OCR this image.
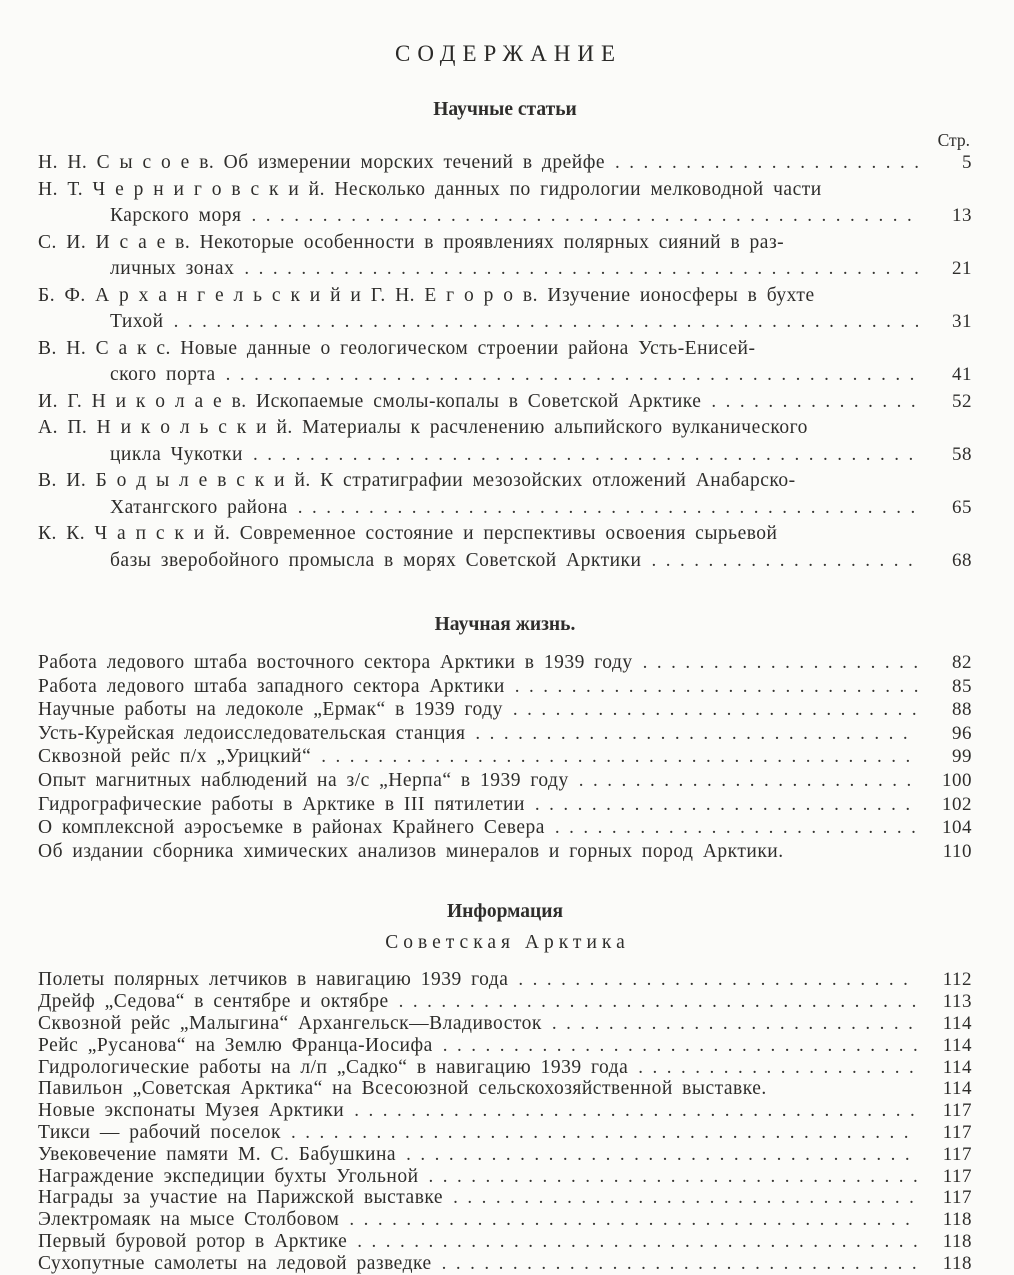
СОДЕРЖАНИЕ
Научные статьи
Стр.
Н. Н. С ы с о е в. Об измерении морских течений в дрейфе .....	5
Н. Т. Ч е р н и г о в с к и й. Несколько данных по гидрологии мелководной части
Карского моря .....	13
С. И. И с а е в. Некоторые особенности в проявлениях полярных сияний в раз-
личных зонах .....	21
Б. Ф. А р х а н г е л ь с к и й и Г. Н. Е г о р о в. Изучение ионосферы в бухте
Тихой .....	31
В. Н. С а к с. Новые данные о геологическом строении района Усть-Енисей-
ского порта .....	41
И. Г. Н и к о л а е в. Ископаемые смолы-копалы в Советской Арктике .....	52
А. П. Н и к о л ь с к и й. Материалы к расчленению альпийского вулканического
цикла Чукотки .....	58
В. И. Б о д ы л е в с к и й. К стратиграфии мезозойских отложений Анабарско-
Хатангского района .....	65
К. К. Ч а п с к и й. Современное состояние и перспективы освоения сырьевой
базы зверобойного промысла в морях Советской Арктики .....	68
Научная жизнь.
Работа ледового штаба восточного сектора Арктики в 1939 году .....	82
Работа ледового штаба западного сектора Арктики .....	85
Научные работы на ледоколе „Ермак“ в 1939 году .....	88
Усть-Курейская ледоисследовательская станция .....	96
Сквозной рейс п/х „Урицкий“ .....	99
Опыт магнитных наблюдений на з/с „Нерпа“ в 1939 году .....	100
Гидрографические работы в Арктике в III пятилетии .....	102
О комплексной аэросъемке в районах Крайнего Севера .....	104
Об издании сборника химических анализов минералов и горных пород Арктики.	110
Информация
Советская Арктика
Полеты полярных летчиков в навигацию 1939 года .....	112
Дрейф „Седова“ в сентябре и октябре .....	113
Сквозной рейс „Малыгина“ Архангельск—Владивосток .....	114
Рейс „Русанова“ на Землю Франца-Иосифа .....	114
Гидрологические работы на л/п „Садко“ в навигацию 1939 года .....	114
Павильон „Советская Арктика“ на Всесоюзной сельскохозяйственной выставке.	114
Новые экспонаты Музея Арктики .....	117
Тикси — рабочий поселок .....	117
Увековечение памяти М. С. Бабушкина .....	117
Награждение экспедиции бухты Угольной .....	117
Награды за участие на Парижской выставке .....	117
Электромаяк на мысе Столбовом .....	118
Первый буровой ротор в Арктике .....	118
Сухопутные самолеты на ледовой разведке .....	118
